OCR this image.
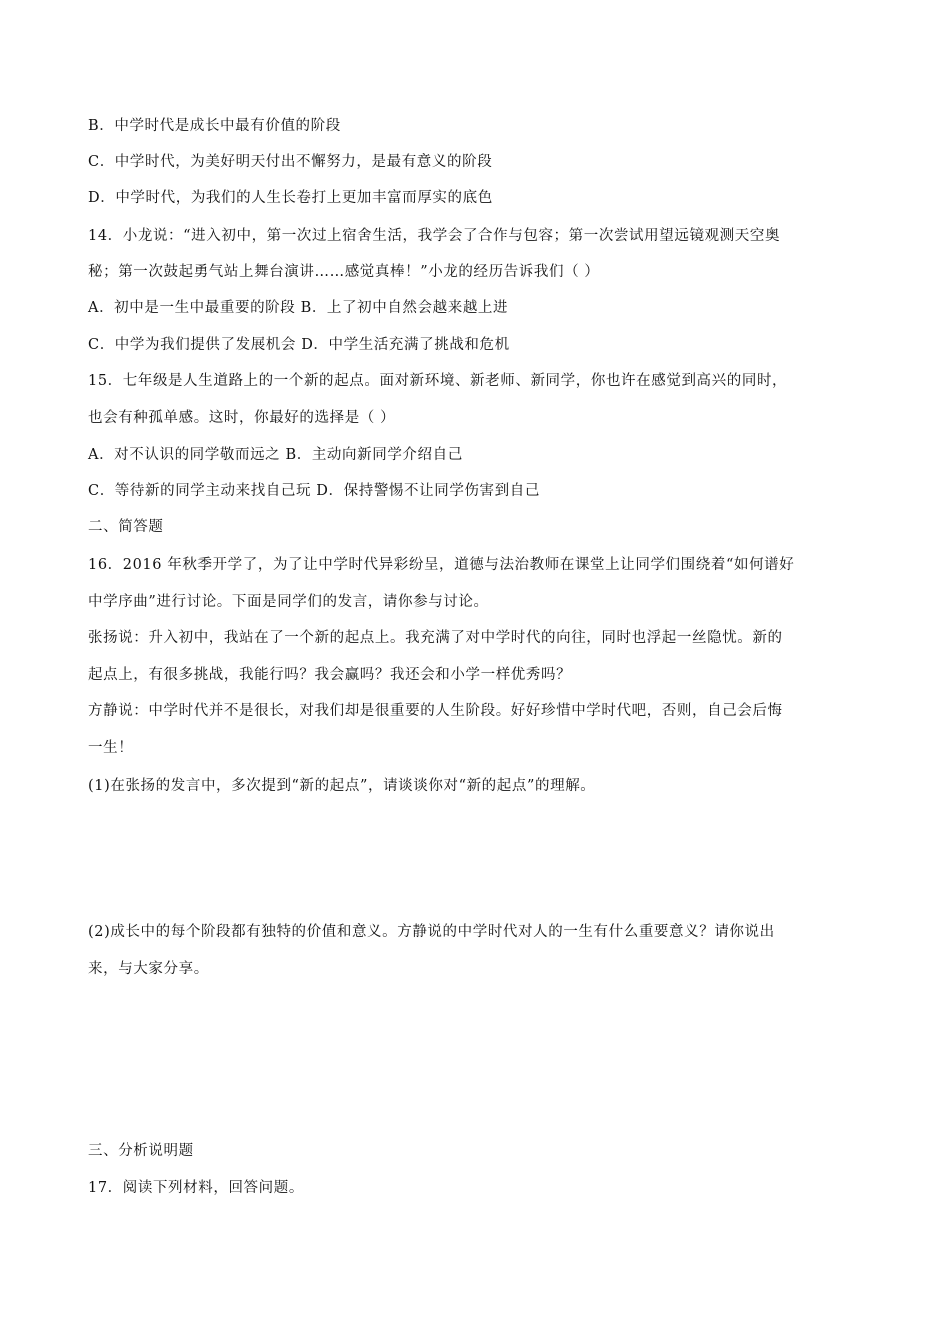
B．中学时代是成长中最有价值的阶段
C．中学时代，为美好明天付出不懈努力，是最有意义的阶段
D．中学时代，为我们的人生长卷打上更加丰富而厚实的底色
14．小龙说：“进入初中，第一次过上宿舍生活，我学会了合作与包容；第一次尝试用望远镜观测天空奥
秘；第一次鼓起勇气站上舞台演讲……感觉真棒！”小龙的经历告诉我们（ ）
A．初中是一生中最重要的阶段 B．上了初中自然会越来越上进
C．中学为我们提供了发展机会 D．中学生活充满了挑战和危机
15．七年级是人生道路上的一个新的起点。面对新环境、新老师、新同学，你也许在感觉到高兴的同时，
也会有种孤单感。这时，你最好的选择是（ ）
A．对不认识的同学敬而远之 B．主动向新同学介绍自己
C．等待新的同学主动来找自己玩 D．保持警惕不让同学伤害到自己
二、简答题
16．2016 年秋季开学了，为了让中学时代异彩纷呈，道德与法治教师在课堂上让同学们围绕着“如何谱好
中学序曲”进行讨论。下面是同学们的发言，请你参与讨论。
张扬说：升入初中，我站在了一个新的起点上。我充满了对中学时代的向往，同时也浮起一丝隐忧。新的
起点上，有很多挑战，我能行吗？我会赢吗？我还会和小学一样优秀吗？
方静说：中学时代并不是很长，对我们却是很重要的人生阶段。好好珍惜中学时代吧，否则，自己会后悔
一生！
(1)在张扬的发言中，多次提到“新的起点”，请谈谈你对“新的起点”的理解。
(2)成长中的每个阶段都有独特的价值和意义。方静说的中学时代对人的一生有什么重要意义？请你说出
来，与大家分享。
三、分析说明题
17．阅读下列材料，回答问题。
